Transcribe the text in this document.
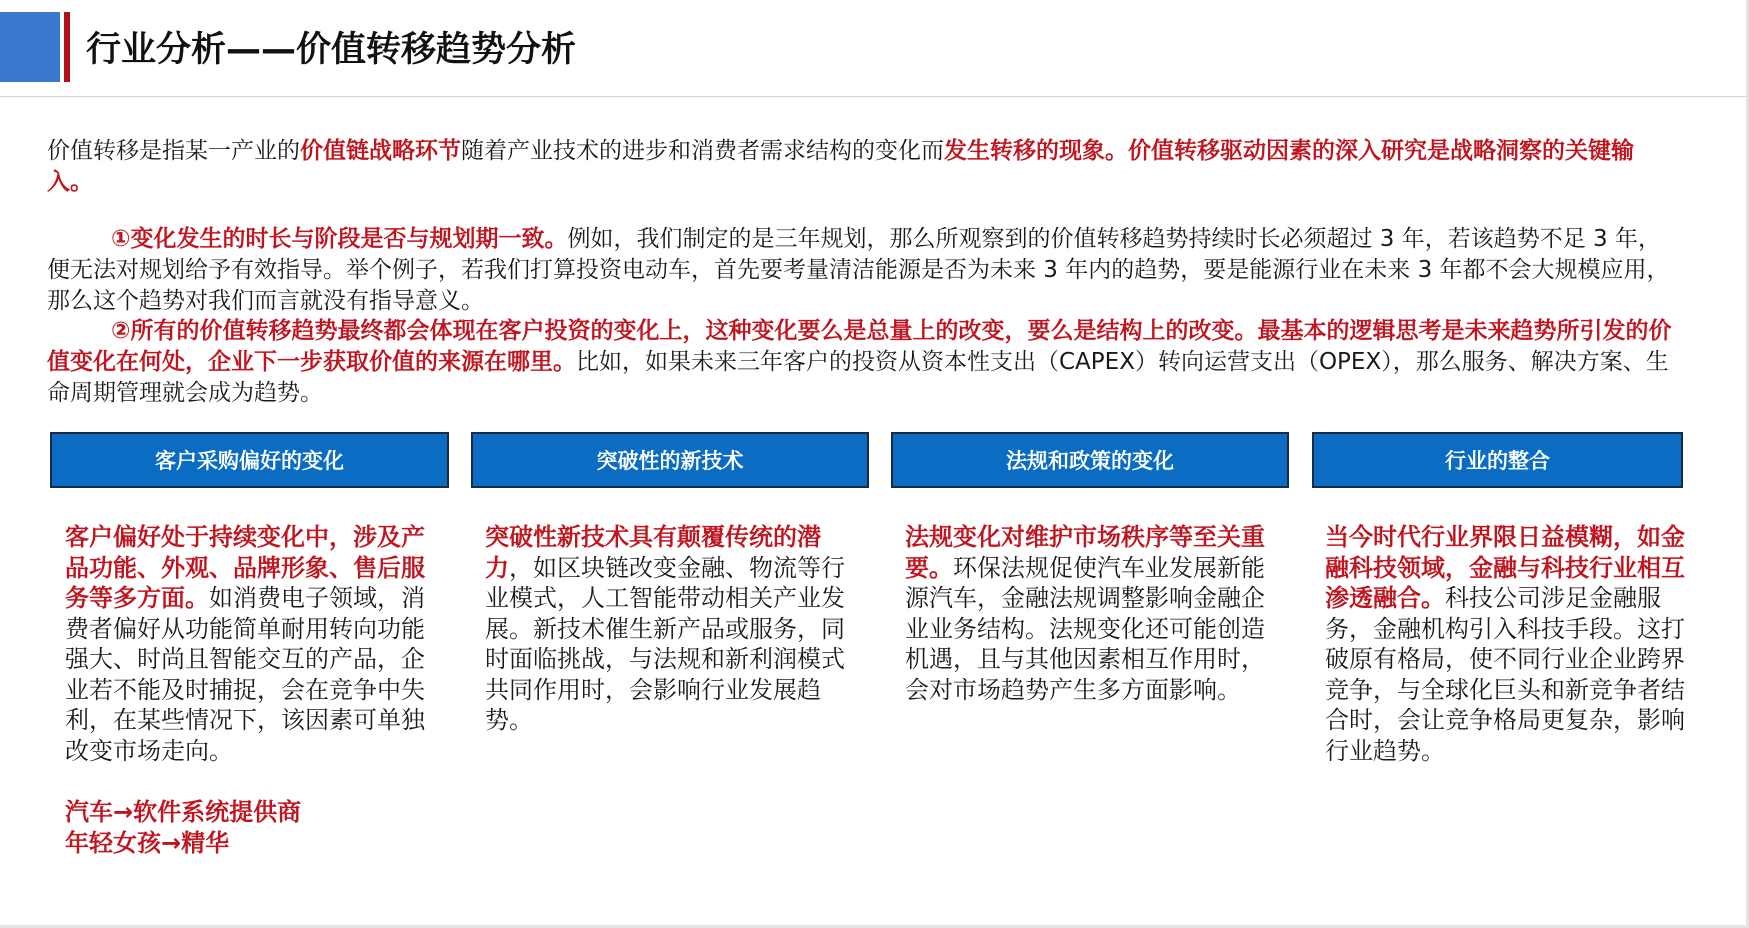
行业分析——价值转移趋势分析
价值转移是指某一产业的价值链战略环节随着产业技术的进步和消费者需求结构的变化而发生转移的现象。价值转移驱动因素的深入研究是战略洞察的关键输入。
①变化发生的时长与阶段是否与规划期一致。例如，我们制定的是三年规划，那么所观察到的价值转移趋势持续时长必须超过 3 年，若该趋势不足 3 年，便无法对规划给予有效指导。举个例子，若我们打算投资电动车，首先要考量清洁能源是否为未来 3 年内的趋势，要是能源行业在未来 3 年都不会大规模应用，那么这个趋势对我们而言就没有指导意义。
②所有的价值转移趋势最终都会体现在客户投资的变化上，这种变化要么是总量上的改变，要么是结构上的改变。最基本的逻辑思考是未来趋势所引发的价值变化在何处，企业下一步获取价值的来源在哪里。比如，如果未来三年客户的投资从资本性支出（CAPEX）转向运营支出（OPEX），那么服务、解决方案、生命周期管理就会成为趋势。
客户采购偏好的变化
客户偏好处于持续变化中，涉及产品功能、外观、品牌形象、售后服务等多方面。如消费电子领域，消费者偏好从功能简单耐用转向功能强大、时尚且智能交互的产品，企业若不能及时捕捉，会在竞争中失利，在某些情况下，该因素可单独改变市场走向。
突破性的新技术
突破性新技术具有颠覆传统的潜力，如区块链改变金融、物流等行业模式，人工智能带动相关产业发展。新技术催生新产品或服务，同时面临挑战，与法规和新利润模式共同作用时，会影响行业发展趋势。
法规和政策的变化
法规变化对维护市场秩序等至关重要。环保法规促使汽车业发展新能源汽车，金融法规调整影响金融企业业务结构。法规变化还可能创造机遇，且与其他因素相互作用时，会对市场趋势产生多方面影响。
行业的整合
当今时代行业界限日益模糊，如金融科技领域，金融与科技行业相互渗透融合。科技公司涉足金融服务，金融机构引入科技手段。这打破原有格局，使不同行业企业跨界竞争，与全球化巨头和新竞争者结合时，会让竞争格局更复杂，影响行业趋势。
汽车→软件系统提供商
年轻女孩→精华
